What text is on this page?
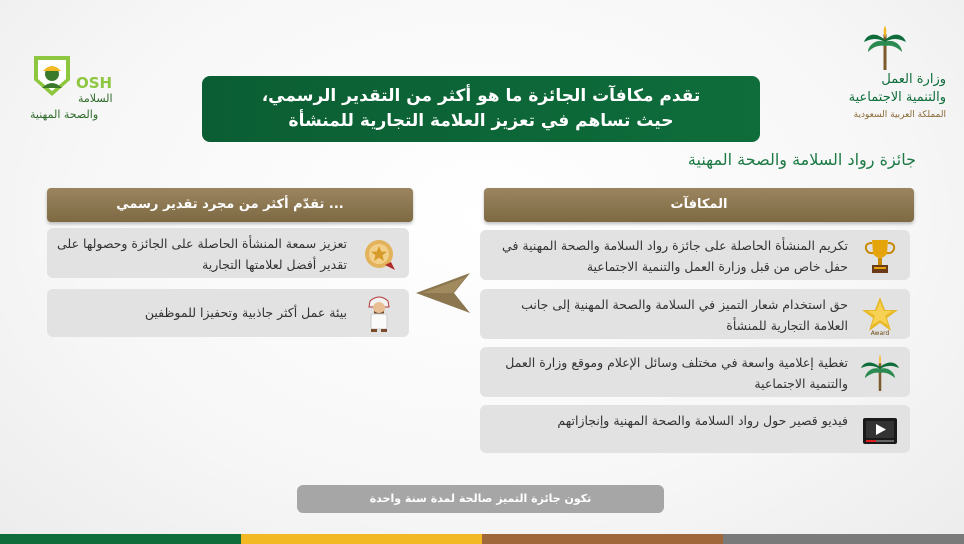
وزارة العمل
والتنمية الاجتماعية
المملكة العربية السعودية
OSH
السلامة
والصحة المهنية
تقدم مكافآت الجائزة ما هو أكثر من التقدير الرسمي،
حيث تساهم في تعزيز العلامة التجارية للمنشأة
جائزة رواد السلامة والصحة المهنية
المكافآت
... تقدّم أكثر من مجرد تقدير رسمي
تكريم المنشأة الحاصلة على جائزة رواد السلامة والصحة المهنية في حفل خاص من قبل وزارة العمل والتنمية الاجتماعية
Award
حق استخدام شعار التميز في السلامة والصحة المهنية إلى جانب العلامة التجارية للمنشأة
تغطية إعلامية واسعة في مختلف وسائل الإعلام وموقع وزارة العمل والتنمية الاجتماعية
فيديو قصير حول رواد السلامة والصحة المهنية وإنجازاتهم
تعزيز سمعة المنشأة الحاصلة على الجائزة وحصولها على تقدير أفضل لعلامتها التجارية
بيئة عمل أكثر جاذبية وتحفيزا للموظفين
تكون جائزة التميز صالحة لمدة سنة واحدة
